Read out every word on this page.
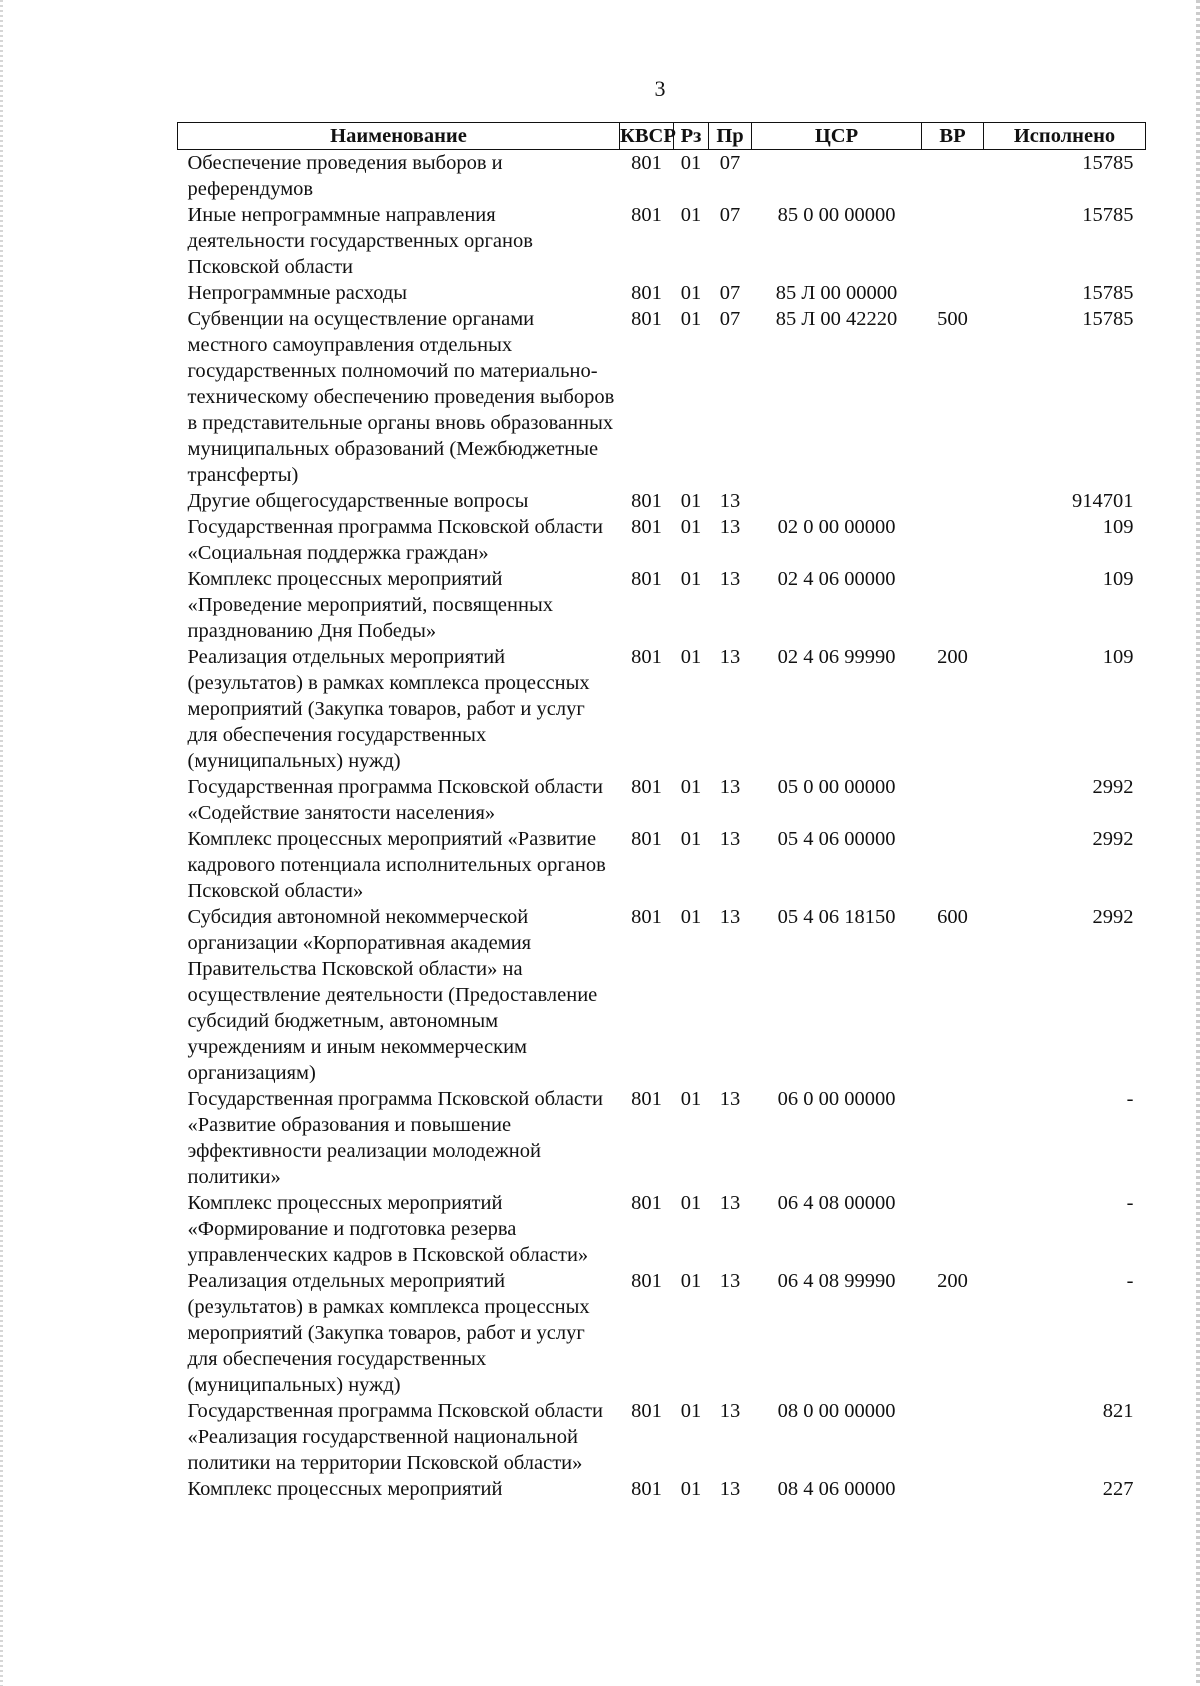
3
Наименование	КВСР	Рз	Пр	ЦСР	ВР	Исполнено
Обеспечение проведения выборов и референдумов	801	01	07			15785
Иные непрограммные направления деятельности государственных органов Псковской области	801	01	07	85 0 00 00000		15785
Непрограммные расходы	801	01	07	85 Л 00 00000		15785
Субвенции на осуществление органами местного самоуправления отдельных государственных полномочий по материально-техническому обеспечению проведения выборов в представительные органы вновь образованных муниципальных образований (Межбюджетные трансферты)	801	01	07	85 Л 00 42220	500	15785
Другие общегосударственные вопросы	801	01	13			914701
Государственная программа Псковской области «Социальная поддержка граждан»	801	01	13	02 0 00 00000		109
Комплекс процессных мероприятий «Проведение мероприятий, посвященных празднованию Дня Победы»	801	01	13	02 4 06 00000		109
Реализация отдельных мероприятий (результатов) в рамках комплекса процессных мероприятий (Закупка товаров, работ и услуг для обеспечения государственных (муниципальных) нужд)	801	01	13	02 4 06 99990	200	109
Государственная программа Псковской области «Содействие занятости населения»	801	01	13	05 0 00 00000		2992
Комплекс процессных мероприятий «Развитие кадрового потенциала исполнительных органов Псковской области»	801	01	13	05 4 06 00000		2992
Субсидия автономной некоммерческой организации «Корпоративная академия Правительства Псковской области» на осуществление деятельности (Предоставление субсидий бюджетным, автономным учреждениям и иным некоммерческим организациям)	801	01	13	05 4 06 18150	600	2992
Государственная программа Псковской области «Развитие образования и повышение эффективности реализации молодежной политики»	801	01	13	06 0 00 00000		-
Комплекс процессных мероприятий «Формирование и подготовка резерва управленческих кадров в Псковской области»	801	01	13	06 4 08 00000		-
Реализация отдельных мероприятий (результатов) в рамках комплекса процессных мероприятий (Закупка товаров, работ и услуг для обеспечения государственных (муниципальных) нужд)	801	01	13	06 4 08 99990	200	-
Государственная программа Псковской области «Реализация государственной национальной политики на территории Псковской области»	801	01	13	08 0 00 00000		821
Комплекс процессных мероприятий	801	01	13	08 4 06 00000		227
